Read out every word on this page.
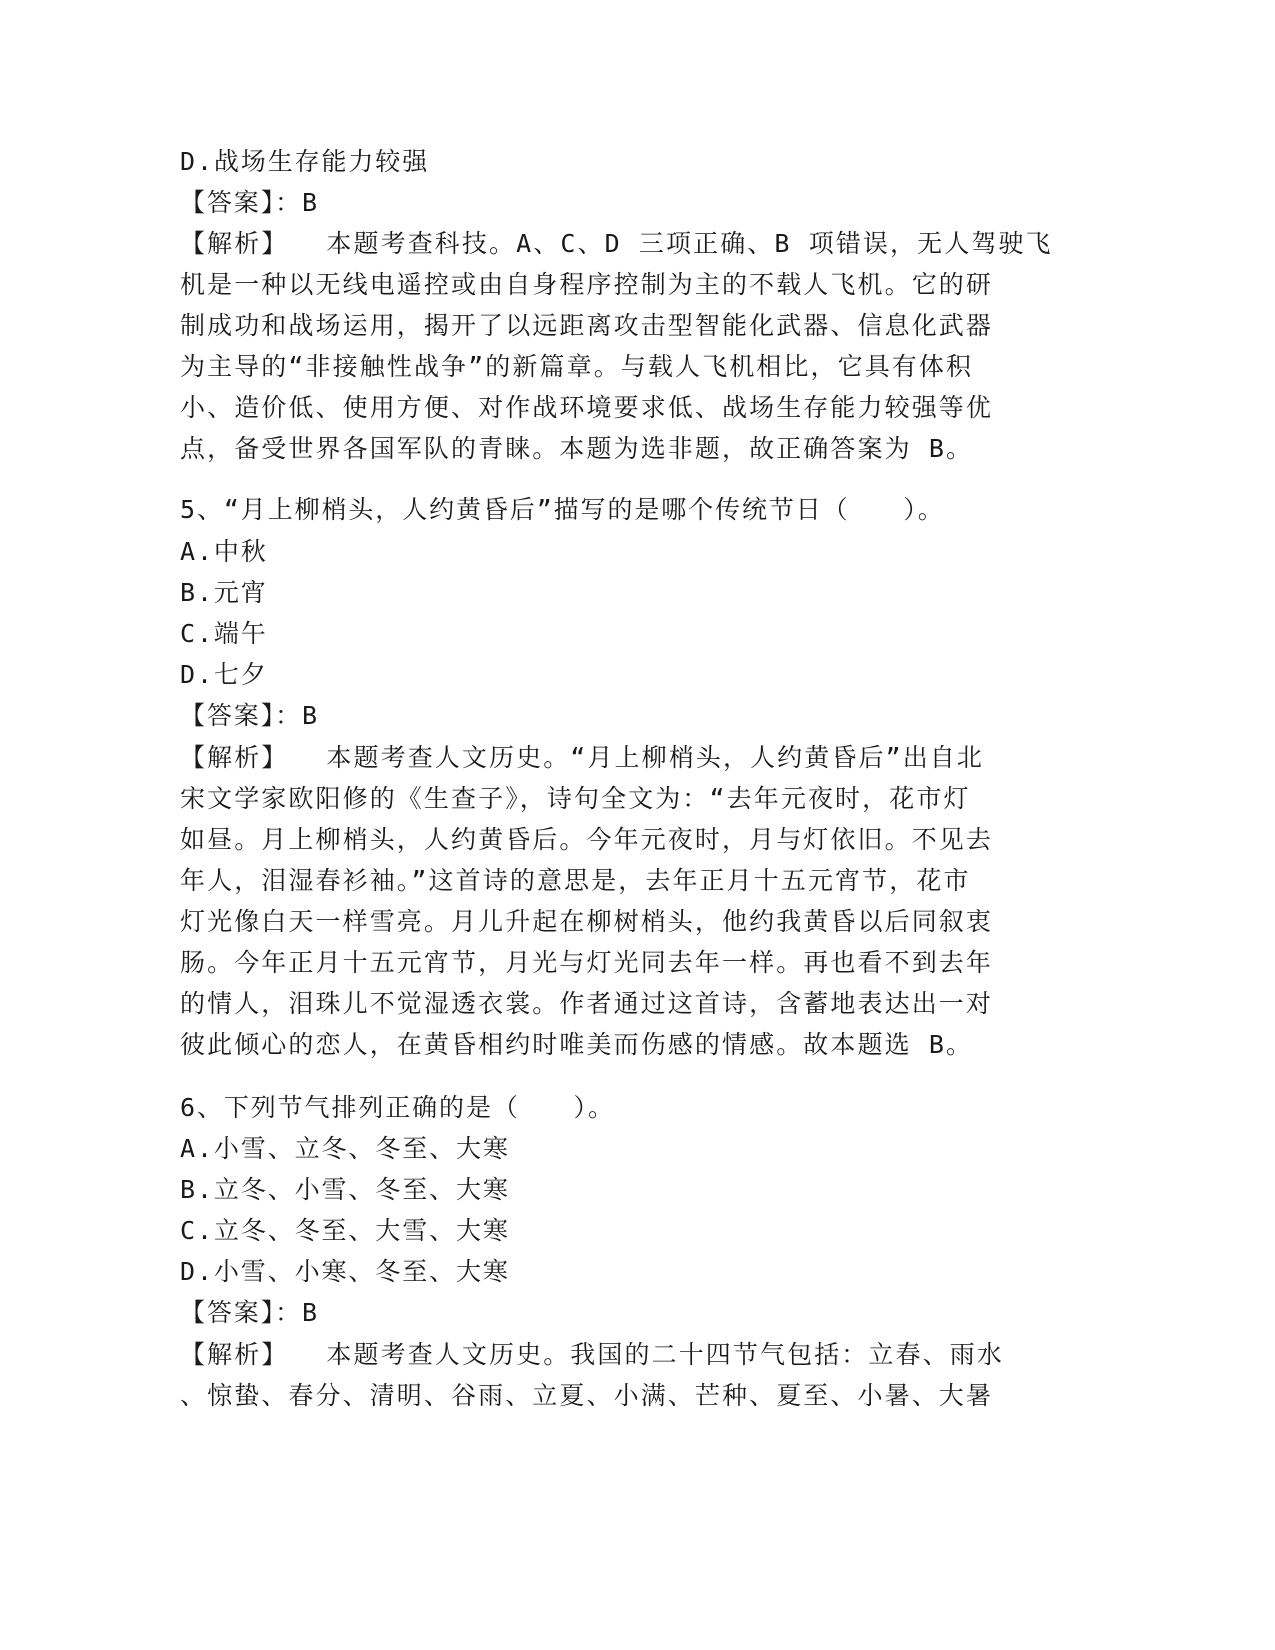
D.战场生存能力较强
【答案】：B
【解析】 本题考查科技。A、C、D 三项正确、B 项错误，无人驾驶飞
机是一种以无线电遥控或由自身程序控制为主的不载人飞机。它的研
制成功和战场运用，揭开了以远距离攻击型智能化武器、信息化武器
为主导的“非接触性战争”的新篇章。与载人飞机相比，它具有体积
小、造价低、使用方便、对作战环境要求低、战场生存能力较强等优
点，备受世界各国军队的青睐。本题为选非题，故正确答案为 B。
5、“月上柳梢头，人约黄昏后”描写的是哪个传统节日（　　）。
A.中秋
B.元宵
C.端午
D.七夕
【答案】：B
【解析】 本题考查人文历史。“月上柳梢头，人约黄昏后”出自北
宋文学家欧阳修的《生查子》，诗句全文为：“去年元夜时，花市灯
如昼。月上柳梢头，人约黄昏后。今年元夜时，月与灯依旧。不见去
年人，泪湿春衫袖。”这首诗的意思是，去年正月十五元宵节，花市
灯光像白天一样雪亮。月儿升起在柳树梢头，他约我黄昏以后同叙衷
肠。今年正月十五元宵节，月光与灯光同去年一样。再也看不到去年
的情人，泪珠儿不觉湿透衣裳。作者通过这首诗，含蓄地表达出一对
彼此倾心的恋人，在黄昏相约时唯美而伤感的情感。故本题选 B。
6、下列节气排列正确的是（　　）。
A.小雪、立冬、冬至、大寒
B.立冬、小雪、冬至、大寒
C.立冬、冬至、大雪、大寒
D.小雪、小寒、冬至、大寒
【答案】：B
【解析】 本题考查人文历史。我国的二十四节气包括：立春、雨水
、惊蛰、春分、清明、谷雨、立夏、小满、芒种、夏至、小暑、大暑
